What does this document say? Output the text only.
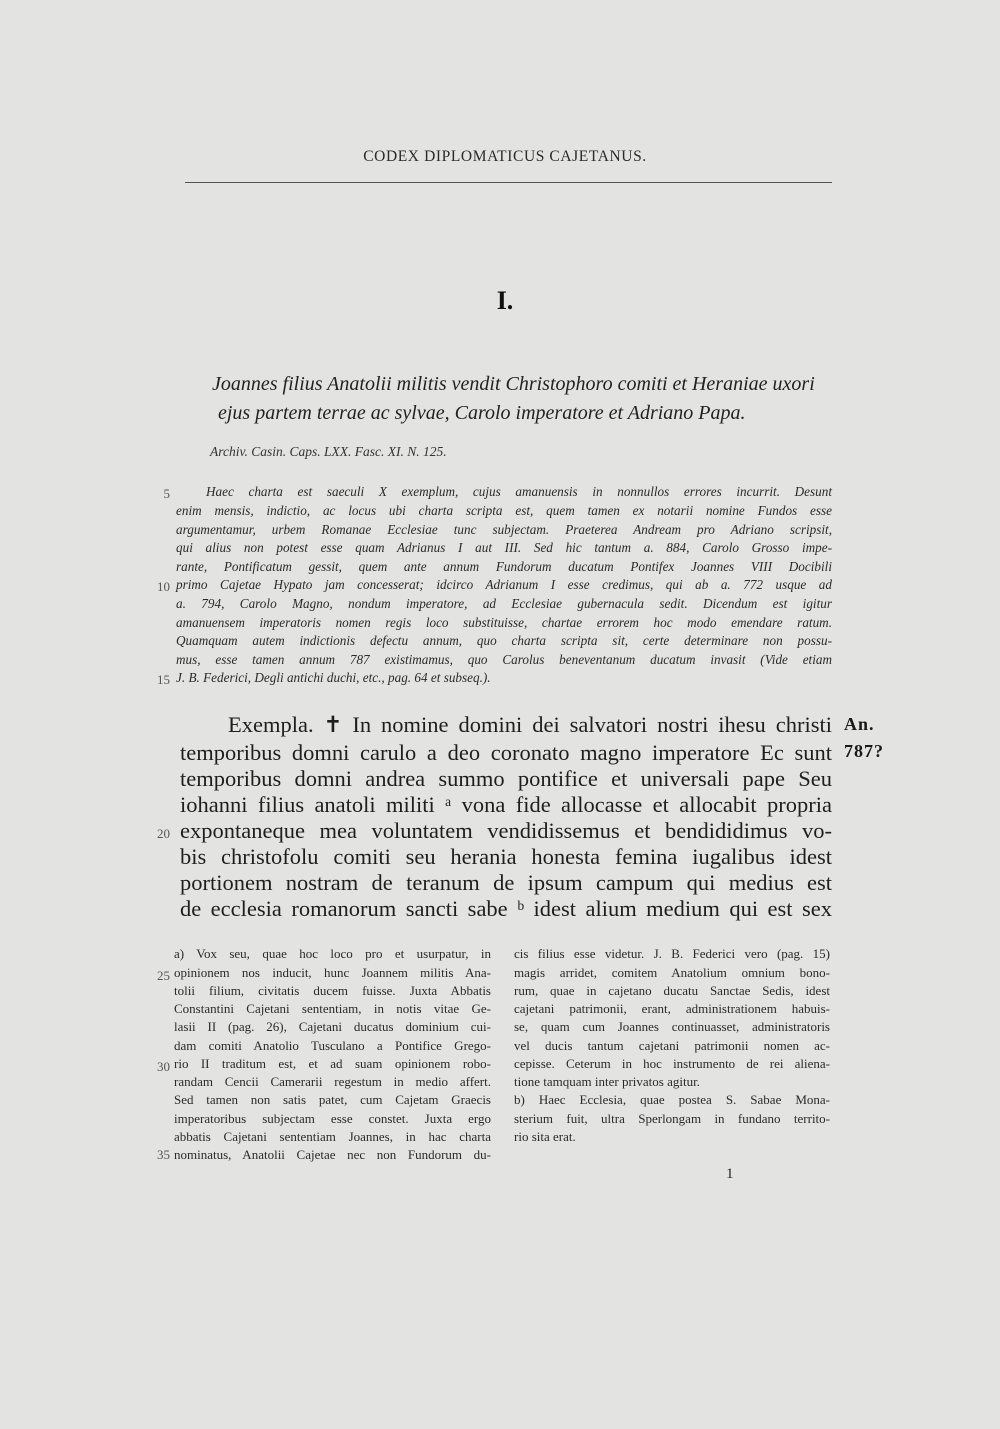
CODEX DIPLOMATICUS CAJETANUS.
I.
Joannes filius Anatolii militis vendit Christophoro comiti et Heraniae uxori
ejus partem terrae ac sylvae, Carolo imperatore et Adriano Papa.
Archiv. Casin. Caps. LXX. Fasc. XI. N. 125.
Haec charta est saeculi X exemplum, cujus amanuensis in nonnullos errores incurrit. Desunt
enim mensis, indictio, ac locus ubi charta scripta est, quem tamen ex notarii nomine Fundos esse
argumentamur, urbem Romanae Ecclesiae tunc subjectam. Praeterea Andream pro Adriano scripsit,
qui alius non potest esse quam Adrianus I aut III. Sed hic tantum a. 884, Carolo Grosso impe-
rante, Pontificatum gessit, quem ante annum Fundorum ducatum Pontifex Joannes VIII Docibili
primo Cajetae Hypato jam concesserat; idcirco Adrianum I esse credimus, qui ab a. 772 usque ad
a. 794, Carolo Magno, nondum imperatore, ad Ecclesiae gubernacula sedit. Dicendum est igitur
amanuensem imperatoris nomen regis loco substituisse, chartae errorem hoc modo emendare ratum.
Quamquam autem indictionis defectu annum, quo charta scripta sit, certe determinare non possu-
mus, esse tamen annum 787 existimamus, quo Carolus beneventanum ducatum invasit (Vide etiam
J. B. Federici, Degli antichi duchi, etc., pag. 64 et subseq.).
5
10
15
20
25
30
35
Exempla. ✝ In nomine domini dei salvatori nostri ihesu christi
temporibus domni carulo a deo coronato magno imperatore Ec sunt
temporibus domni andrea summo pontifice et universali pape Seu
iohanni filius anatoli militi ᵃ vona fide allocasse et allocabit propria
expontaneque mea voluntatem vendidissemus et bendididimus vo-
bis christofolu comiti seu herania honesta femina iugalibus idest
portionem nostram de teranum de ipsum campum qui medius est
de ecclesia romanorum sancti sabe ᵇ idest alium medium qui est sex
An.
787?
a) Vox seu, quae hoc loco pro et usurpatur, in
opinionem nos inducit, hunc Joannem militis Ana-
tolii filium, civitatis ducem fuisse. Juxta Abbatis
Constantini Cajetani sententiam, in notis vitae Ge-
lasii II (pag. 26), Cajetani ducatus dominium cui-
dam comiti Anatolio Tusculano a Pontifice Grego-
rio II traditum est, et ad suam opinionem robo-
randam Cencii Camerarii regestum in medio affert.
Sed tamen non satis patet, cum Cajetam Graecis
imperatoribus subjectam esse constet. Juxta ergo
abbatis Cajetani sententiam Joannes, in hac charta
nominatus, Anatolii Cajetae nec non Fundorum du-
cis filius esse videtur. J. B. Federici vero (pag. 15)
magis arridet, comitem Anatolium omnium bono-
rum, quae in cajetano ducatu Sanctae Sedis, idest
cajetani patrimonii, erant, administrationem habuis-
se, quam cum Joannes continuasset, administratoris
vel ducis tantum cajetani patrimonii nomen ac-
cepisse. Ceterum in hoc instrumento de rei aliena-
tione tamquam inter privatos agitur.
b) Haec Ecclesia, quae postea S. Sabae Mona-
sterium fuit, ultra Sperlongam in fundano territo-
rio sita erat.
1
